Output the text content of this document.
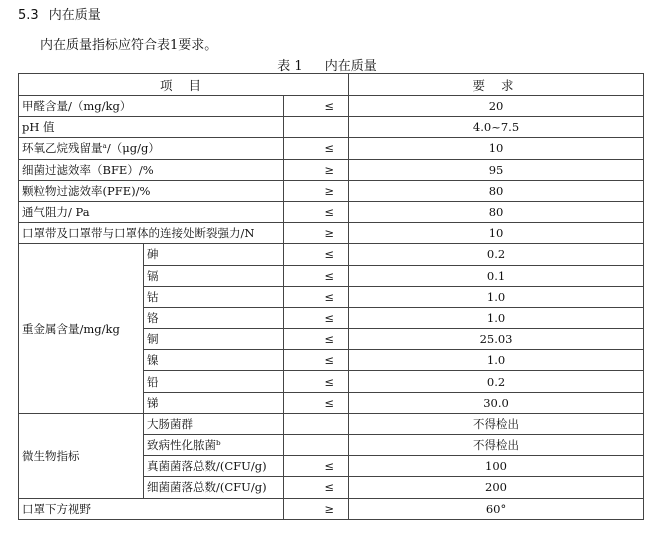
5.3 内在质量
内在质量指标应符合表1要求。
表 1 内在质量
项 目			要 求
甲醛含量/（mg/kg）		≤	20
pH 值			4.0~7.5
环氧乙烷残留量ᵃ/（μg/g）		≤	10
细菌过滤效率（BFE）/%		≥	95
颗粒物过滤效率(PFE)/%		≥	80
通气阻力/ Pa		≤	80
口罩带及口罩带与口罩体的连接处断裂强力/N		≥	10
重金属含量/mg/kg	砷	≤	0.2
	镉	≤	0.1
	钴	≤	1.0
	铬	≤	1.0
	铜	≤	25.03
	镍	≤	1.0
	铅	≤	0.2
	锑	≤	30.0
微生物指标	大肠菌群		不得检出
	致病性化脓菌ᵇ		不得检出
	真菌菌落总数/(CFU/g)	≤	100
	细菌菌落总数/(CFU/g)	≤	200
口罩下方视野		≥	60°
